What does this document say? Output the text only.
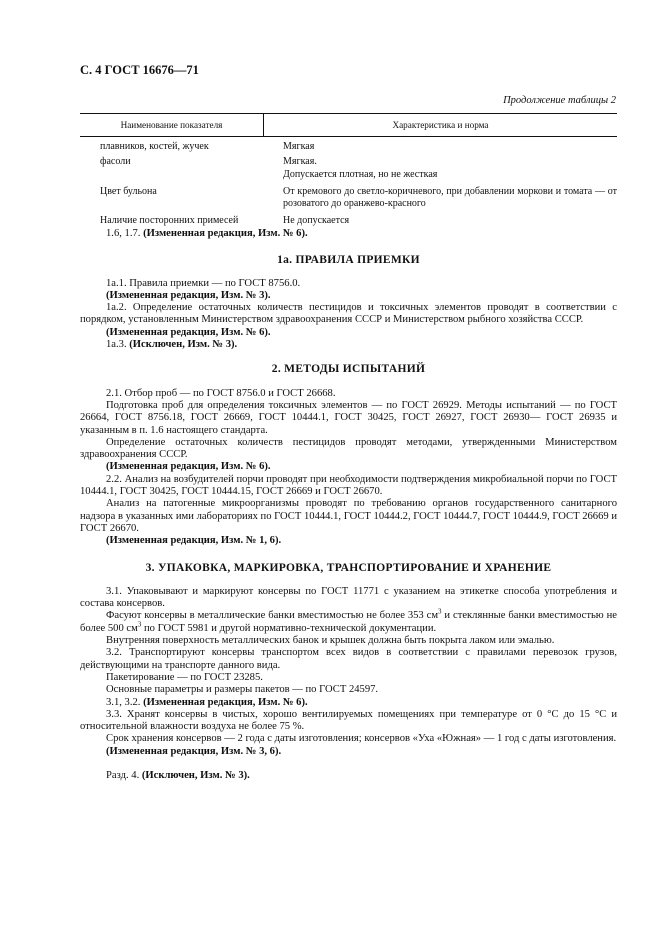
С. 4 ГОСТ 16676—71
Продолжение таблицы 2
Наименование показателя	Характеристика и норма
плавников, костей, жучек	Мягкая
фасоли	Мягкая.
Допускается плотная, но не жесткая
Цвет бульона	От кремового до светло-коричневого, при добавлении моркови и томата — от розоватого до оранжево-красного
Наличие посторонних примесей	Не допускается

1.6, 1.7. (Измененная редакция, Изм. № 6).

1а. ПРАВИЛА ПРИЕМКИ

1а.1. Правила приемки — по ГОСТ 8756.0.

(Измененная редакция, Изм. № 3).

1а.2. Определение остаточных количеств пестицидов и токсичных элементов проводят в соответствии с порядком, установленным Министерством здравоохранения СССР и Министерством рыбного хозяйства СССР.

(Измененная редакция, Изм. № 6).

1а.3. (Исключен, Изм. № 3).

2. МЕТОДЫ ИСПЫТАНИЙ

2.1. Отбор проб — по ГОСТ 8756.0 и ГОСТ 26668.

Подготовка проб для определения токсичных элементов — по ГОСТ 26929. Методы испытаний — по ГОСТ 26664, ГОСТ 8756.18, ГОСТ 26669, ГОСТ 10444.1, ГОСТ 30425, ГОСТ 26927, ГОСТ 26930— ГОСТ 26935 и указанным в п. 1.6 настоящего стандарта.

Определение остаточных количеств пестицидов проводят методами, утвержденными Министерством здравоохранения СССР.

(Измененная редакция, Изм. № 6).

2.2. Анализ на возбудителей порчи проводят при необходимости подтверждения микробиальной порчи по ГОСТ 10444.1, ГОСТ 30425, ГОСТ 10444.15, ГОСТ 26669 и ГОСТ 26670.

Анализ на патогенные микроорганизмы проводят по требованию органов государственного санитарного надзора в указанных ими лабораториях по ГОСТ 10444.1, ГОСТ 10444.2, ГОСТ 10444.7, ГОСТ 10444.9, ГОСТ 26669 и ГОСТ 26670.

(Измененная редакция, Изм. № 1, 6).

3. УПАКОВКА, МАРКИРОВКА, ТРАНСПОРТИРОВАНИЕ И ХРАНЕНИЕ

3.1. Упаковывают и маркируют консервы по ГОСТ 11771 с указанием на этикетке способа употребления и состава консервов.

Фасуют консервы в металлические банки вместимостью не более 353 $см^3$ и стеклянные банки вместимостью не более 500 $см^3$ по ГОСТ 5981 и другой нормативно-технической документации.

Внутренняя поверхность металлических банок и крышек должна быть покрыта лаком или эмалью.

3.2. Транспортируют консервы транспортом всех видов в соответствии с правилами перевозок грузов, действующими на транспорте данного вида.

Пакетирование — по ГОСТ 23285.

Основные параметры и размеры пакетов — по ГОСТ 24597.

3.1, 3.2. (Измененная редакция, Изм. № 6).

3.3. Хранят консервы в чистых, хорошо вентилируемых помещениях при температуре от 0 °С до 15 °С и относительной влажности воздуха не более 75 %.

Срок хранения консервов — 2 года с даты изготовления; консервов «Уха «Южная» — 1 год с даты изготовления.

(Измененная редакция, Изм. № 3, 6).

Разд. 4. (Исключен, Изм. № 3).
